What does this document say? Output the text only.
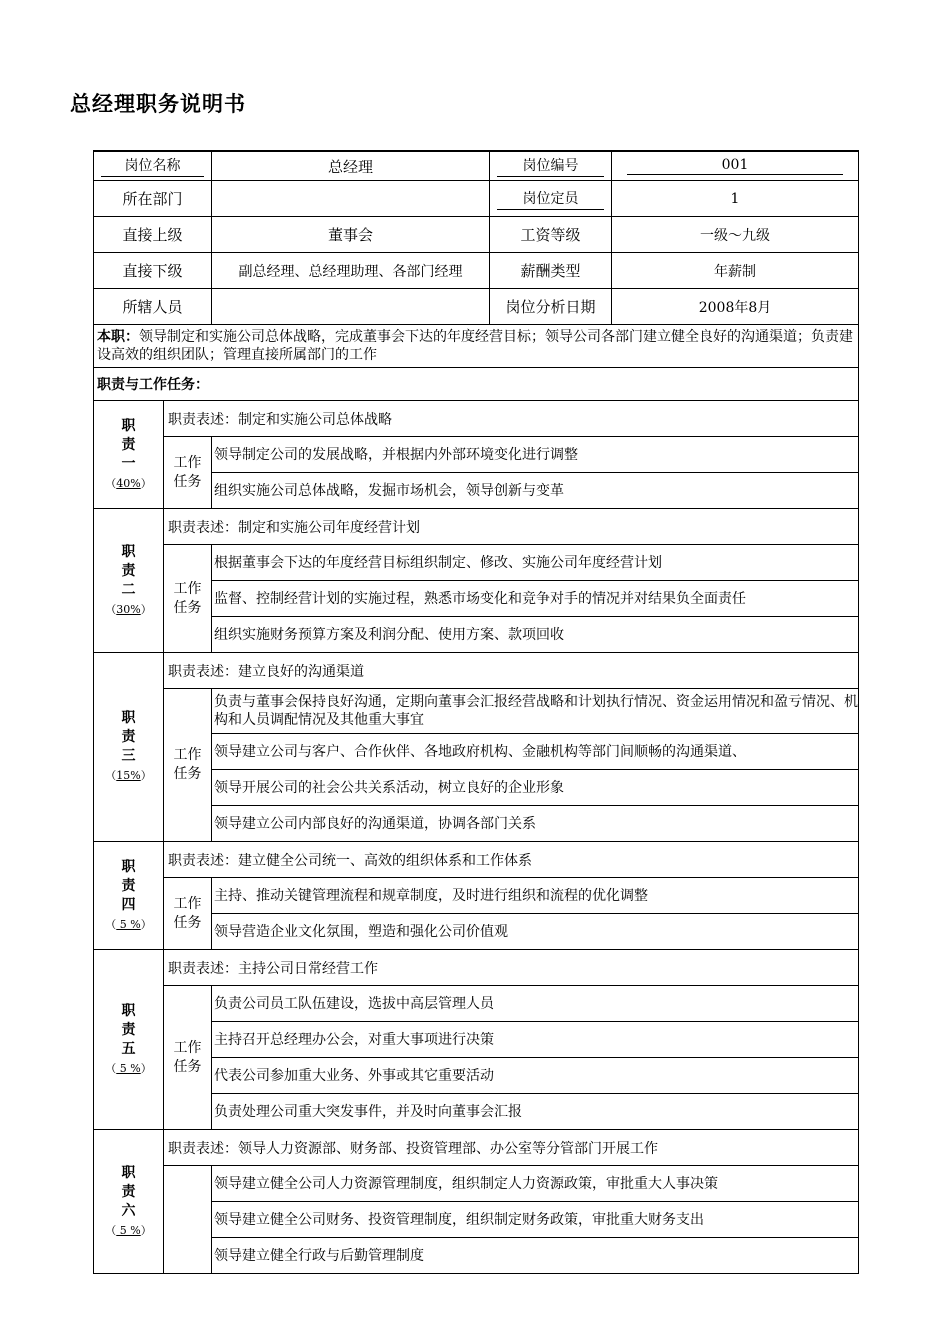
总经理职务说明书
岗位名称		总经理	岗位编号	001

所在部门			岗位定员	1
直接上级		董事会	工资等级	一级～九级
直接下级		副总经理、总经理助理、各部门经理	薪酬类型	年薪制
所辖人员			岗位分析日期	2008年8月
本职：领导制定和实施公司总体战略，完成董事会下达的年度经营目标；领导公司各部门建立健全良好的沟通渠道；负责建设高效的组织团队；管理直接所属部门的工作				
职责与工作任务：				
职责一
（40%）	职责表述：制定和实施公司总体战略			
	工作任务	领导制定公司的发展战略，并根据内外部环境变化进行调整		
		组织实施公司总体战略，发掘市场机会，领导创新与变革		
职责二
（30%）	职责表述：制定和实施公司年度经营计划			
	工作任务	根据董事会下达的年度经营目标组织制定、修改、实施公司年度经营计划		
		监督、控制经营计划的实施过程，熟悉市场变化和竞争对手的情况并对结果负全面责任		
		组织实施财务预算方案及利润分配、使用方案、款项回收		
职责三
（15%）	职责表述：建立良好的沟通渠道			
	工作任务	负责与董事会保持良好沟通，定期向董事会汇报经营战略和计划执行情况、资金运用情况和盈亏情况、机构和人员调配情况及其他重大事宜		
		领导建立公司与客户、合作伙伴、各地政府机构、金融机构等部门间顺畅的沟通渠道、		
		领导开展公司的社会公共关系活动，树立良好的企业形象		
		领导建立公司内部良好的沟通渠道，协调各部门关系		
职责四
（ 5 %）	职责表述：建立健全公司统一、高效的组织体系和工作体系			
	工作任务	主持、推动关键管理流程和规章制度，及时进行组织和流程的优化调整		
		领导营造企业文化氛围，塑造和强化公司价值观		
职责五
（ 5 %）	职责表述：主持公司日常经营工作			
	工作任务	负责公司员工队伍建设，选拔中高层管理人员		
		主持召开总经理办公会，对重大事项进行决策		
		代表公司参加重大业务、外事或其它重要活动		
		负责处理公司重大突发事件，并及时向董事会汇报		
职责六
（ 5 %）	职责表述：领导人力资源部、财务部、投资管理部、办公室等分管部门开展工作			
		领导建立健全公司人力资源管理制度，组织制定人力资源政策，审批重大人事决策		
		领导建立健全公司财务、投资管理制度，组织制定财务政策，审批重大财务支出		
		领导建立健全行政与后勤管理制度		
